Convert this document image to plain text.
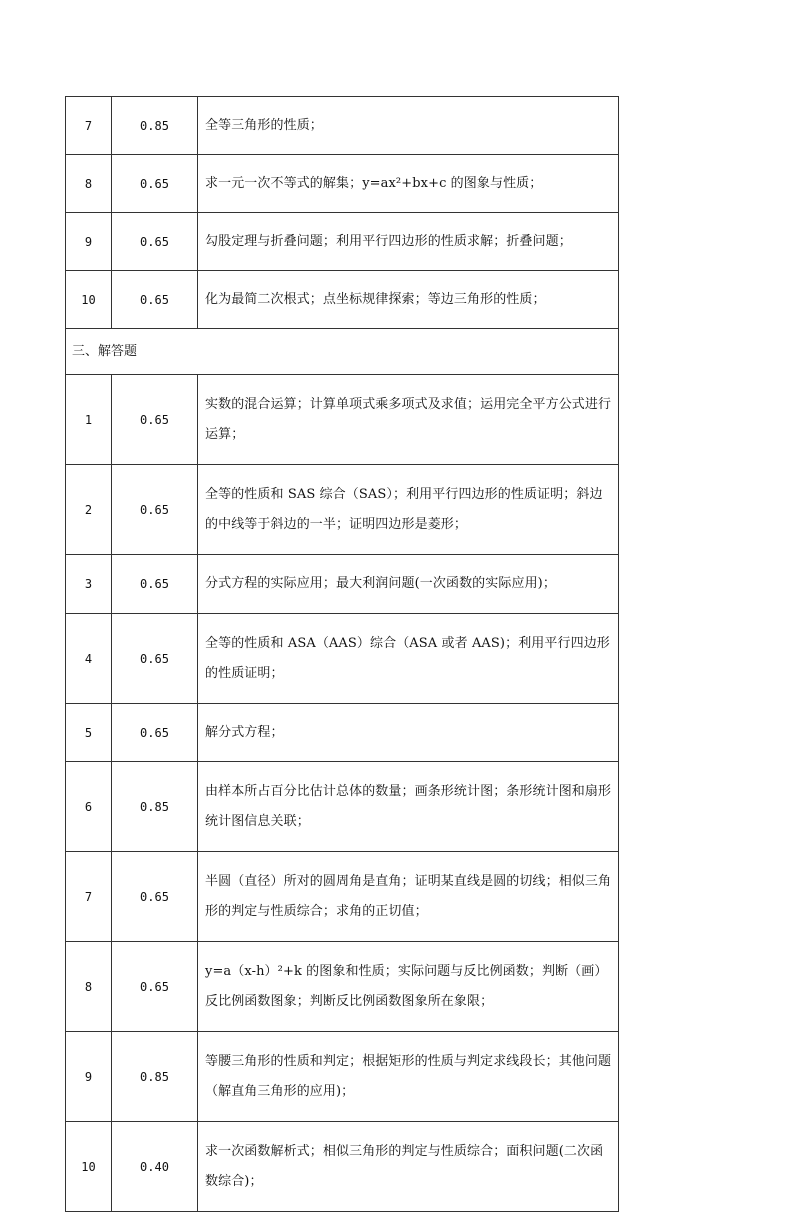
7	0.85	全等三角形的性质；
8	0.65	求一元一次不等式的解集；y=ax²+bx+c 的图象与性质；
9	0.65	勾股定理与折叠问题；利用平行四边形的性质求解；折叠问题；
10	0.65	化为最简二次根式；点坐标规律探索；等边三角形的性质；
三、解答题		
1	0.65	实数的混合运算；计算单项式乘多项式及求值；运用完全平方公式进行运算；
2	0.65	全等的性质和 SAS 综合（SAS）；利用平行四边形的性质证明；斜边的中线等于斜边的一半；证明四边形是菱形；
3	0.65	分式方程的实际应用；最大利润问题(一次函数的实际应用)；
4	0.65	全等的性质和 ASA（AAS）综合（ASA 或者 AAS)；利用平行四边形的性质证明；
5	0.65	解分式方程；
6	0.85	由样本所占百分比估计总体的数量；画条形统计图；条形统计图和扇形统计图信息关联；
7	0.65	半圆（直径）所对的圆周角是直角；证明某直线是圆的切线；相似三角形的判定与性质综合；求角的正切值；
8	0.65	y=a（x-h）²+k 的图象和性质；实际问题与反比例函数；判断（画）反比例函数图象；判断反比例函数图象所在象限；
9	0.85	等腰三角形的性质和判定；根据矩形的性质与判定求线段长；其他问题（解直角三角形的应用)；
10	0.40	求一次函数解析式；相似三角形的判定与性质综合；面积问题(二次函数综合)；
